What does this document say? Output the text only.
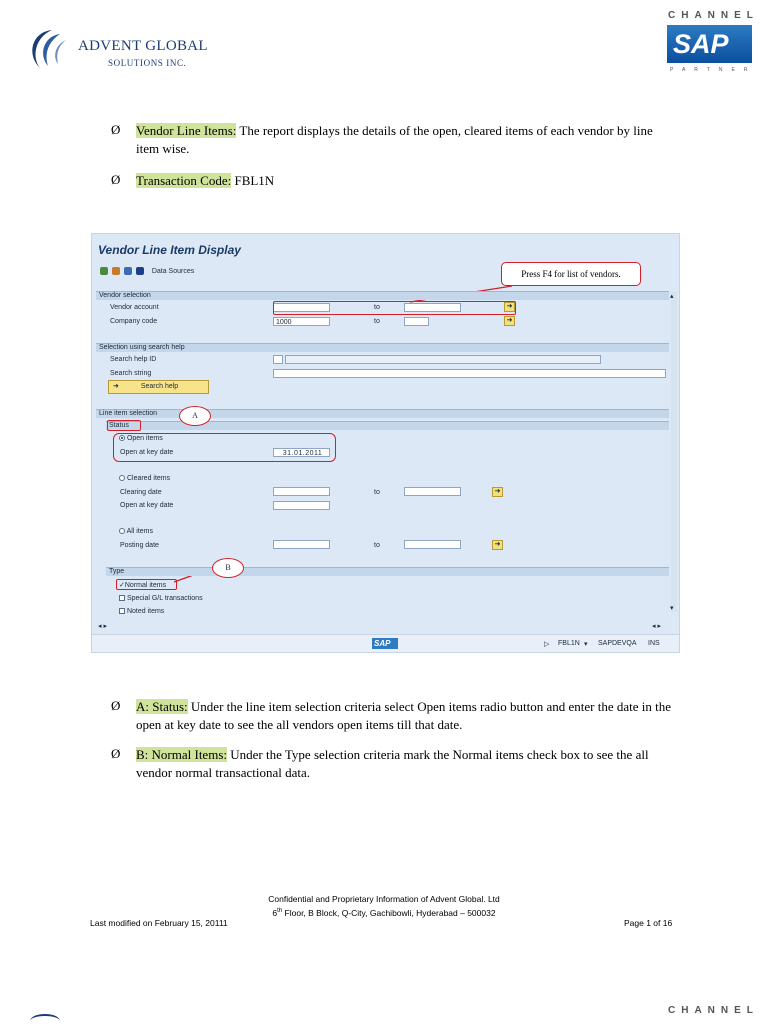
ADVENT GLOBAL
SOLUTIONS INC.
CHANNEL
SAP
PARTNER
Ø Vendor Line Items: The report displays the details of the open, cleared items of each vendor by line item wise.
Ø Transaction Code: FBL1N
Vendor Line Item Display
Data Sources	Press F4 for list of vendors.
Vendor selection
Vendor account	to	➜
Company code	1000	to	➜
Selection using search help
Search help ID
Search string
➜	Search help
Line item selection
Status
A
Open items
Open at key date	31.01.2011
Cleared items
Clearing date	to	➜
Open at key date
All items
Posting date	to	➜
Type	B
✓Normal items
Special G/L transactions
Noted items
▴
▾
◂ ▸	◂ ▸
SAP	▷ FBL1N ▾ SAPDEVQA INS
Ø A: Status: Under the line item selection criteria select Open items radio button and enter the date in the open at key date to see the all vendors open items till that date.
Ø B: Normal Items: Under the Type selection criteria mark the Normal items check box to see the all vendor normal transactional data.
Confidential and Proprietary Information of Advent Global. Ltd
6th Floor, B Block, Q-City, Gachibowli, Hyderabad – 500032
Last modified on February 15, 20111	Page 1 of 16
CHANNEL
